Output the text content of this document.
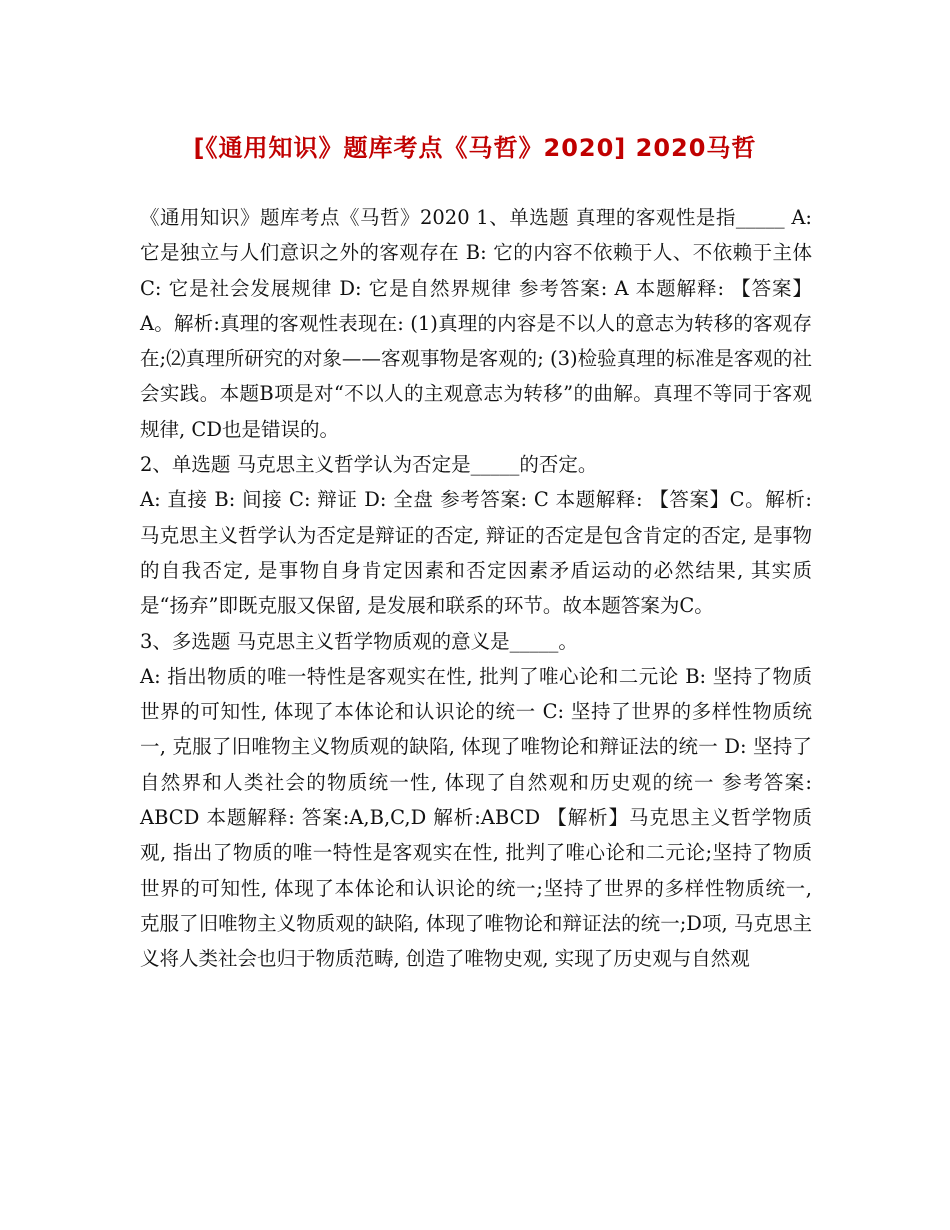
[《通用知识》题库考点《马哲》2020] 2020马哲

《通用知识》题库考点《马哲》2020 1、单选题 真理的客观性是指_____ A: 它是独立与人们意识之外的客观存在 B: 它的内容不依赖于人、不依赖于主体 C: 它是社会发展规律 D: 它是自然界规律 参考答案: A 本题解释: 【答案】A。解析:真理的客观性表现在: (1)真理的内容是不以人的意志为转移的客观存在;⑵真理所研究的对象——客观事物是客观的; (3)检验真理的标准是客观的社会实践。本题B项是对“不以人的主观意志为转移”的曲解。真理不等同于客观规律, CD也是错误的。

2、单选题 马克思主义哲学认为否定是_____的否定。

A: 直接 B: 间接 C: 辩证 D: 全盘 参考答案: C 本题解释: 【答案】C。解析: 马克思主义哲学认为否定是辩证的否定, 辩证的否定是包含肯定的否定, 是事物的自我否定, 是事物自身肯定因素和否定因素矛盾运动的必然结果, 其实质是“扬弃”即既克服又保留, 是发展和联系的环节。故本题答案为C。

3、多选题 马克思主义哲学物质观的意义是_____。

A: 指出物质的唯一特性是客观实在性, 批判了唯心论和二元论 B: 坚持了物质世界的可知性, 体现了本体论和认识论的统一 C: 坚持了世界的多样性物质统一, 克服了旧唯物主义物质观的缺陷, 体现了唯物论和辩证法的统一 D: 坚持了自然界和人类社会的物质统一性, 体现了自然观和历史观的统一 参考答案: ABCD 本题解释: 答案:A,B,C,D 解析:ABCD 【解析】马克思主义哲学物质观, 指出了物质的唯一特性是客观实在性, 批判了唯心论和二元论;坚持了物质世界的可知性, 体现了本体论和认识论的统一;坚持了世界的多样性物质统一, 克服了旧唯物主义物质观的缺陷, 体现了唯物论和辩证法的统一;D项, 马克思主义将人类社会也归于物质范畴, 创造了唯物史观, 实现了历史观与自然观
